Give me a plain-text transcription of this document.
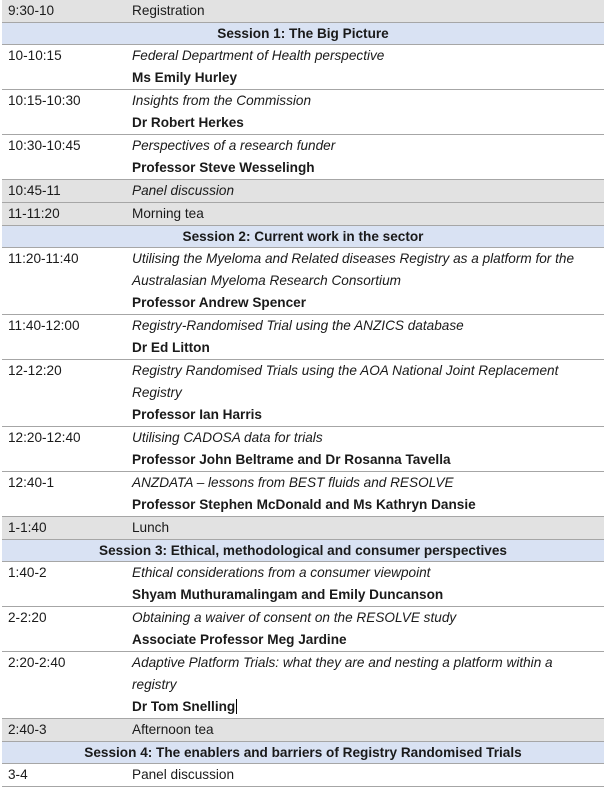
9:30-10	Registration
Session 1: The Big Picture
10-10:15	Federal Department of Health perspective
Ms Emily Hurley
10:15-10:30	Insights from the Commission
Dr Robert Herkes
10:30-10:45	Perspectives of a research funder
Professor Steve Wesselingh
10:45-11	Panel discussion
11-11:20	Morning tea
Session 2: Current work in the sector
11:20-11:40	Utilising the Myeloma and Related diseases Registry as a platform for the
Australasian Myeloma Research Consortium
Professor Andrew Spencer
11:40-12:00	Registry-Randomised Trial using the ANZICS database
Dr Ed Litton
12-12:20	Registry Randomised Trials using the AOA National Joint Replacement
Registry
Professor Ian Harris
12:20-12:40	Utilising CADOSA data for trials
Professor John Beltrame and Dr Rosanna Tavella
12:40-1	ANZDATA – lessons from BEST fluids and RESOLVE
Professor Stephen McDonald and Ms Kathryn Dansie
1-1:40	Lunch
Session 3: Ethical, methodological and consumer perspectives
1:40-2	Ethical considerations from a consumer viewpoint
Shyam Muthuramalingam and Emily Duncanson
2-2:20	Obtaining a waiver of consent on the RESOLVE study
Associate Professor Meg Jardine
2:20-2:40	Adaptive Platform Trials: what they are and nesting a platform within a
registry
Dr Tom Snelling
2:40-3	Afternoon tea
Session 4: The enablers and barriers of Registry Randomised Trials
3-4	Panel discussion
